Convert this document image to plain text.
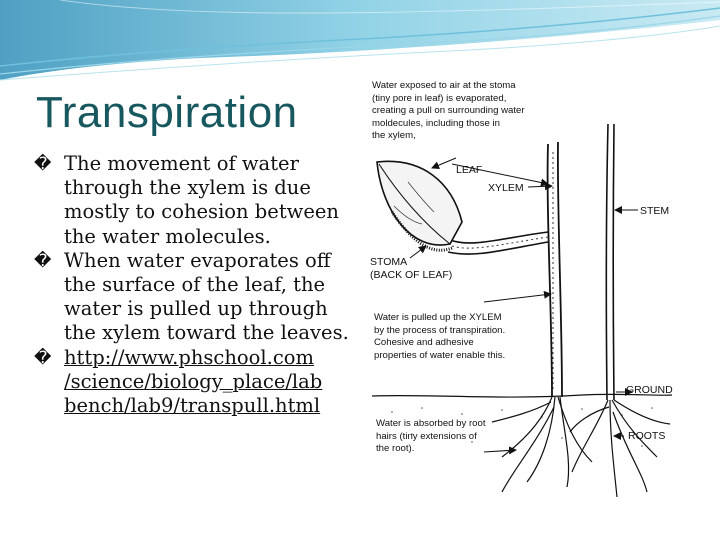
Transpiration

� The movement of water through the xylem is due mostly to cohesion between the water molecules.

� When water evaporates off the surface of the leaf, the water is pulled up through the xylem toward the leaves.

� http://www.phschool.com
/science/biology_place/lab
bench/lab9/transpull.html

Water exposed to air at the stoma
(tiny pore in leaf) is evaporated,
creating a pull on surrounding water
moldecules, including those in
the xylem,

LEAF

XYLEM

STEM

STOMA
(BACK OF LEAF)

Water is pulled up the XYLEM
by the process of transpiration.
Cohesive and adhesive
properties of water enable this.

GROUND

Water is absorbed by root
hairs (tiny extensions of
the root).

ROOTS
